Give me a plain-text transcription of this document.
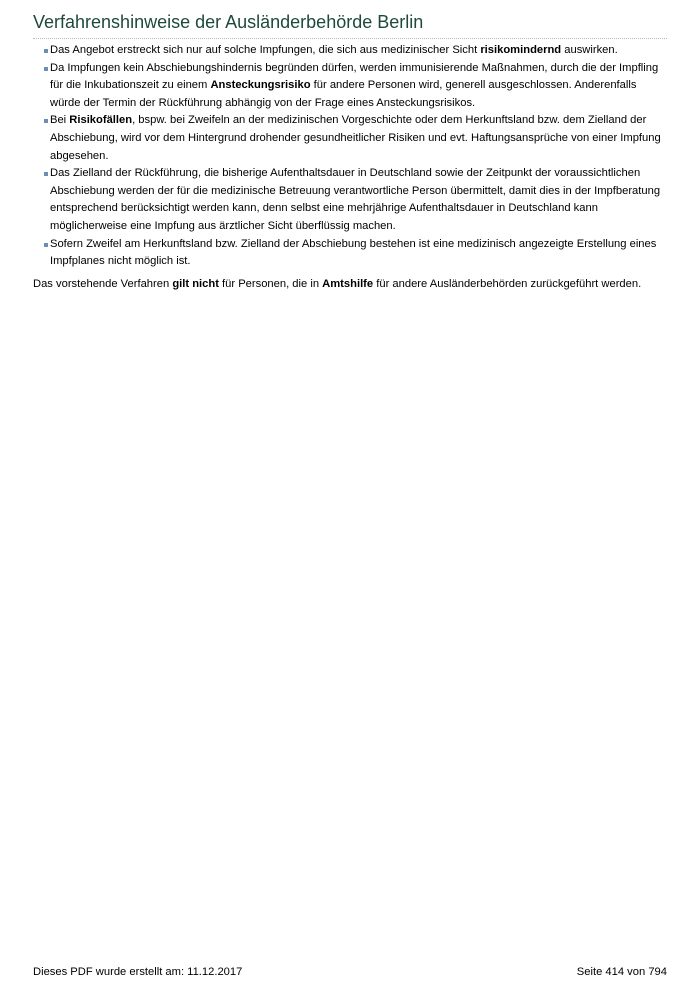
Verfahrenshinweise der Ausländerbehörde Berlin
Das Angebot erstreckt sich nur auf solche Impfungen, die sich aus medizinischer Sicht risikomindernd auswirken.
Da Impfungen kein Abschiebungshindernis begründen dürfen, werden immunisierende Maßnahmen, durch die der Impfling für die Inkubationszeit zu einem Ansteckungsrisiko für andere Personen wird, generell ausgeschlossen. Anderenfalls würde der Termin der Rückführung abhängig von der Frage eines Ansteckungsrisikos.
Bei Risikofällen, bspw. bei Zweifeln an der medizinischen Vorgeschichte oder dem Herkunftsland bzw. dem Zielland der Abschiebung, wird vor dem Hintergrund drohender gesundheitlicher Risiken und evt. Haftungsansprüche von einer Impfung abgesehen.
Das Zielland der Rückführung, die bisherige Aufenthaltsdauer in Deutschland sowie der Zeitpunkt der voraussichtlichen Abschiebung werden der für die medizinische Betreuung verantwortliche Person übermittelt, damit dies in der Impfberatung entsprechend berücksichtigt werden kann, denn selbst eine mehrjährige Aufenthaltsdauer in Deutschland kann möglicherweise eine Impfung aus ärztlicher Sicht überflüssig machen.
Sofern Zweifel am Herkunftsland bzw. Zielland der Abschiebung bestehen ist eine medizinisch angezeigte Erstellung eines Impfplanes nicht möglich ist.

Das vorstehende Verfahren gilt nicht für Personen, die in Amtshilfe für andere Ausländerbehörden zurückgeführt werden.

Dieses PDF wurde erstellt am: 11.12.2017	Seite 414 von 794
